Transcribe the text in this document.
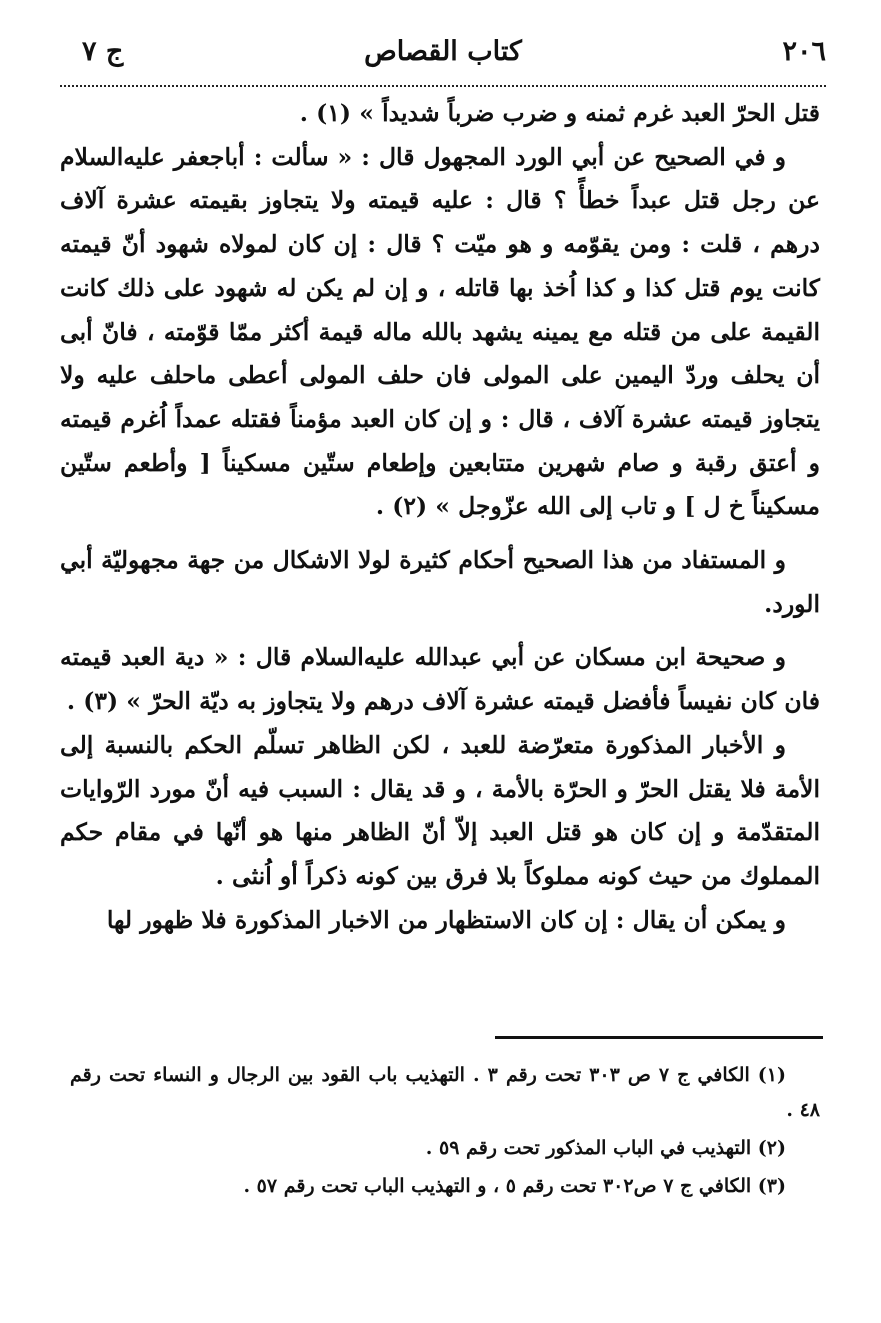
٢٠٦
كتاب القصاص
ج ٧

قتل الحرّ العبد غرم ثمنه و ضرب ضرباً شديداً » (١) .

و في الصحيح عن أبي الورد المجهول قال : « سألت : أباجعفر عليه‌السلام عن رجل قتل عبداً خطأً ؟ قال : عليه قيمته ولا يتجاوز بقيمته عشرة آلاف درهم ، قلت : ومن يقوّمه و هو ميّت ؟ قال : إن كان لمولاه شهود أنّ قيمته كانت يوم قتل كذا و كذا اُخذ بها قاتله ، و إن لم يكن له شهود على ذلك كانت القيمة على من قتله مع يمينه يشهد بالله ماله قيمة أكثر ممّا قوّمته ، فانّ أبى أن يحلف وردّ اليمين على المولى فان حلف المولى أعطى ماحلف عليه ولا يتجاوز قيمته عشرة آلاف ، قال : و إن كان العبد مؤمناً فقتله عمداً اُغرم قيمته و أعتق رقبة و صام شهرين متتابعين وإطعام ستّين مسكيناً [ وأطعم ستّين مسكيناً خ ل ] و تاب إلى الله عزّوجل » (٢) .

و المستفاد من هذا الصحيح أحكام كثيرة لولا الاشكال من جهة مجهوليّة أبي الورد.

و صحيحة ابن مسكان عن أبي عبدالله عليه‌السلام قال : « دية العبد قيمته فان كان نفيساً فأفضل قيمته عشرة آلاف درهم ولا يتجاوز به ديّة الحرّ » (٣) .

و الأخبار المذكورة متعرّضة للعبد ، لكن الظاهر تسلّم الحكم بالنسبة إلى الأمة فلا يقتل الحرّ و الحرّة بالأمة ، و قد يقال : السبب فيه أنّ مورد الرّوايات المتقدّمة و إن كان هو قتل العبد إلاّ أنّ الظاهر منها هو أنّها في مقام حكم المملوك من حيث كونه مملوكاً بلا فرق بين كونه ذكراً أو اُنثى .

و يمكن أن يقال : إن كان الاستظهار من الاخبار المذكورة فلا ظهور لها

(١) الكافي ج ٧ ص ٣٠٣ تحت رقم ٣ . التهذيب باب القود بين الرجال و النساء تحت رقم ٤٨ .

(٢) التهذيب في الباب المذكور تحت رقم ٥٩ .

(٣) الكافي ج ٧ ص٣٠٢ تحت رقم ٥ ، و التهذيب الباب تحت رقم ٥٧ .
